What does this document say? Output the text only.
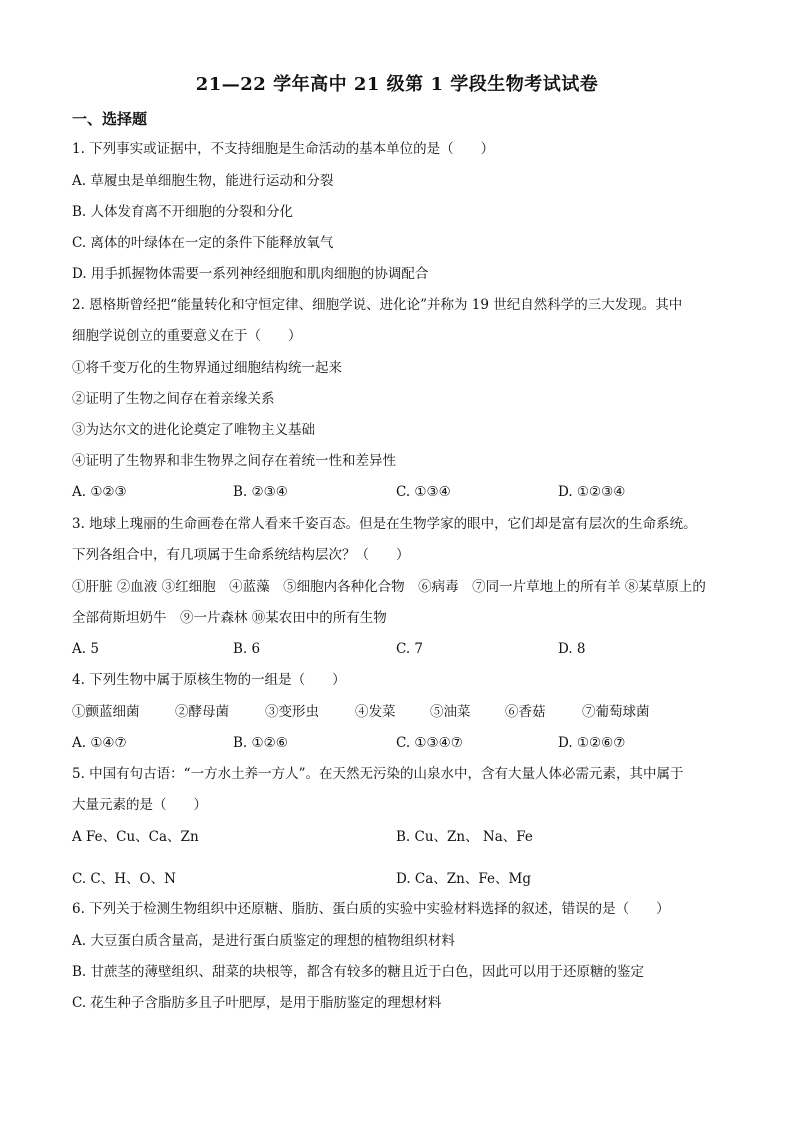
21—22 学年高中 21 级第 1 学段生物考试试卷
一、选择题
1. 下列事实或证据中，不支持细胞是生命活动的基本单位的是（　　）
A. 草履虫是单细胞生物，能进行运动和分裂
B. 人体发育离不开细胞的分裂和分化
C. 离体的叶绿体在一定的条件下能释放氧气
D. 用手抓握物体需要一系列神经细胞和肌肉细胞的协调配合
2. 恩格斯曾经把“能量转化和守恒定律、细胞学说、进化论”并称为 19 世纪自然科学的三大发现。其中
细胞学说创立的重要意义在于（　　）
①将千变万化的生物界通过细胞结构统一起来
②证明了生物之间存在着亲缘关系
③为达尔文的进化论奠定了唯物主义基础
④证明了生物界和非生物界之间存在着统一性和差异性
A. ①②③	B. ②③④	C. ①③④	D. ①②③④
3. 地球上瑰丽的生命画卷在常人看来千姿百态。但是在生物学家的眼中，它们却是富有层次的生命系统。
下列各组合中，有几项属于生命系统结构层次？（　　）
①肝脏 ②血液 ③红细胞　④蓝藻　⑤细胞内各种化合物　⑥病毒　⑦同一片草地上的所有羊 ⑧某草原上的
全部荷斯坦奶牛　⑨一片森林 ⑩某农田中的所有生物
A. 5	B. 6	C. 7	D. 8
4. 下列生物中属于原核生物的一组是（　　）
①颤蓝细菌	②酵母菌	③变形虫	④发菜	⑤油菜	⑥香菇	⑦葡萄球菌
A. ①④⑦	B. ①②⑥	C. ①③④⑦	D. ①②⑥⑦
5. 中国有句古语：“一方水土养一方人”。在天然无污染的山泉水中，含有大量人体必需元素，其中属于
大量元素的是（　　）
A Fe、Cu、Ca、Zn	B. Cu、Zn、 Na、Fe
C. C、H、O、N	D. Ca、Zn、Fe、Mg
6. 下列关于检测生物组织中还原糖、脂肪、蛋白质的实验中实验材料选择的叙述，错误的是（　　）
A. 大豆蛋白质含量高，是进行蛋白质鉴定的理想的植物组织材料
B. 甘蔗茎的薄壁组织、甜菜的块根等，都含有较多的糖且近于白色，因此可以用于还原糖的鉴定
C. 花生种子含脂肪多且子叶肥厚，是用于脂肪鉴定的理想材料
